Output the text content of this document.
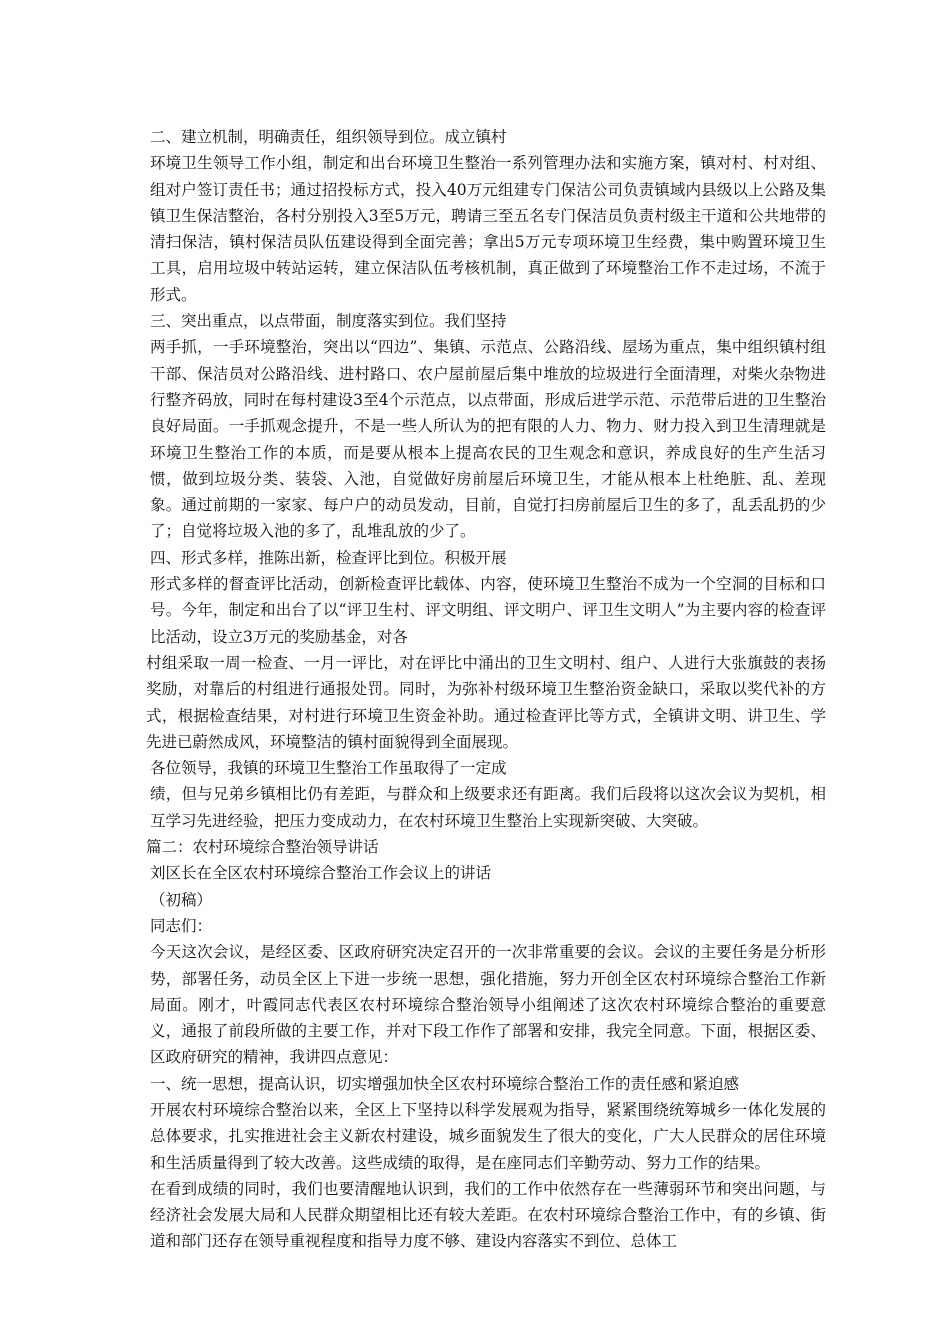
二、建立机制，明确责任，组织领导到位。成立镇村

环境卫生领导工作小组，制定和出台环境卫生整治一系列管理办法和实施方案，镇对村、村对组、组对户签订责任书；通过招投标方式，投入40万元组建专门保洁公司负责镇域内县级以上公路及集镇卫生保洁整治，各村分别投入3至5万元，聘请三至五名专门保洁员负责村级主干道和公共地带的清扫保洁，镇村保洁员队伍建设得到全面完善；拿出5万元专项环境卫生经费，集中购置环境卫生工具，启用垃圾中转站运转，建立保洁队伍考核机制，真正做到了环境整治工作不走过场，不流于形式。

三、突出重点，以点带面，制度落实到位。我们坚持

两手抓，一手环境整治，突出以“四边”、集镇、示范点、公路沿线、屋场为重点，集中组织镇村组干部、保洁员对公路沿线、进村路口、农户屋前屋后集中堆放的垃圾进行全面清理，对柴火杂物进行整齐码放，同时在每村建设3至4个示范点，以点带面，形成后进学示范、示范带后进的卫生整治良好局面。一手抓观念提升，不是一些人所认为的把有限的人力、物力、财力投入到卫生清理就是环境卫生整治工作的本质，而是要从根本上提高农民的卫生观念和意识，养成良好的生产生活习惯，做到垃圾分类、装袋、入池，自觉做好房前屋后环境卫生，才能从根本上杜绝脏、乱、差现象。通过前期的一家家、每户户的动员发动，目前，自觉打扫房前屋后卫生的多了，乱丢乱扔的少了；自觉将垃圾入池的多了，乱堆乱放的少了。

四、形式多样，推陈出新，检查评比到位。积极开展

形式多样的督查评比活动，创新检查评比载体、内容，使环境卫生整治不成为一个空洞的目标和口号。今年，制定和出台了以“评卫生村、评文明组、评文明户、评卫生文明人”为主要内容的检查评比活动，设立3万元的奖励基金，对各

村组采取一周一检查、一月一评比，对在评比中涌出的卫生文明村、组户、人进行大张旗鼓的表扬奖励，对靠后的村组进行通报处罚。同时，为弥补村级环境卫生整治资金缺口，采取以奖代补的方式，根据检查结果，对村进行环境卫生资金补助。通过检查评比等方式，全镇讲文明、讲卫生、学先进已蔚然成风，环境整洁的镇村面貌得到全面展现。

各位领导，我镇的环境卫生整治工作虽取得了一定成

绩，但与兄弟乡镇相比仍有差距，与群众和上级要求还有距离。我们后段将以这次会议为契机，相互学习先进经验，把压力变成动力，在农村环境卫生整治上实现新突破、大突破。

篇二：农村环境综合整治领导讲话

刘区长在全区农村环境综合整治工作会议上的讲话

（初稿）

同志们：

今天这次会议，是经区委、区政府研究决定召开的一次非常重要的会议。会议的主要任务是分析形势，部署任务，动员全区上下进一步统一思想，强化措施，努力开创全区农村环境综合整治工作新局面。刚才，叶霞同志代表区农村环境综合整治领导小组阐述了这次农村环境综合整治的重要意义，通报了前段所做的主要工作，并对下段工作作了部署和安排，我完全同意。下面，根据区委、区政府研究的精神，我讲四点意见：

一、统一思想，提高认识，切实增强加快全区农村环境综合整治工作的责任感和紧迫感

开展农村环境综合整治以来，全区上下坚持以科学发展观为指导，紧紧围绕统筹城乡一体化发展的总体要求，扎实推进社会主义新农村建设，城乡面貌发生了很大的变化，广大人民群众的居住环境和生活质量得到了较大改善。这些成绩的取得，是在座同志们辛勤劳动、努力工作的结果。

在看到成绩的同时，我们也要清醒地认识到，我们的工作中依然存在一些薄弱环节和突出问题，与经济社会发展大局和人民群众期望相比还有较大差距。在农村环境综合整治工作中，有的乡镇、街道和部门还存在领导重视程度和指导力度不够、建设内容落实不到位、总体工
